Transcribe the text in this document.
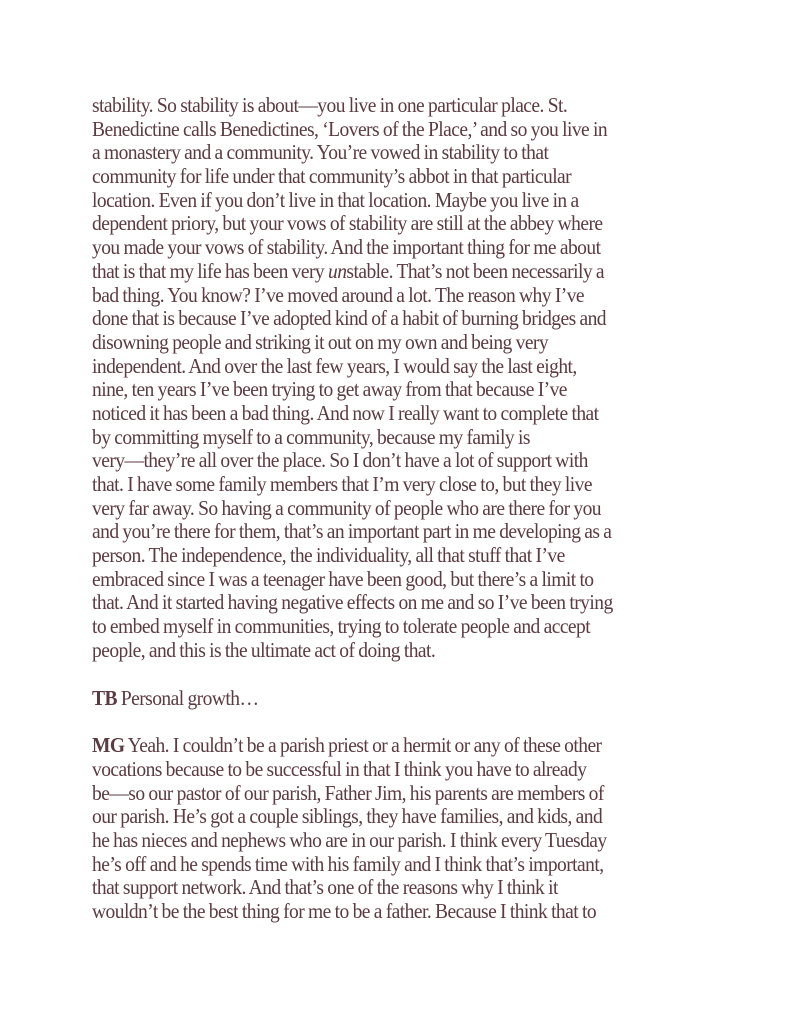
stability. So stability is about—you live in one particular place. St.
Benedictine calls Benedictines, ‘Lovers of the Place,’ and so you live in
a monastery and a community. You’re vowed in stability to that
community for life under that community’s abbot in that particular
location. Even if you don’t live in that location. Maybe you live in a
dependent priory, but your vows of stability are still at the abbey where
you made your vows of stability. And the important thing for me about
that is that my life has been very unstable. That’s not been necessarily a
bad thing. You know? I’ve moved around a lot. The reason why I’ve
done that is because I’ve adopted kind of a habit of burning bridges and
disowning people and striking it out on my own and being very
independent. And over the last few years, I would say the last eight,
nine, ten years I’ve been trying to get away from that because I’ve
noticed it has been a bad thing. And now I really want to complete that
by committing myself to a community, because my family is
very—they’re all over the place. So I don’t have a lot of support with
that. I have some family members that I’m very close to, but they live
very far away. So having a community of people who are there for you
and you’re there for them, that’s an important part in me developing as a
person. The independence, the individuality, all that stuff that I’ve
embraced since I was a teenager have been good, but there’s a limit to
that. And it started having negative effects on me and so I’ve been trying
to embed myself in communities, trying to tolerate people and accept
people, and this is the ultimate act of doing that.
TB Personal growth…
MG Yeah. I couldn’t be a parish priest or a hermit or any of these other
vocations because to be successful in that I think you have to already
be—so our pastor of our parish, Father Jim, his parents are members of
our parish. He’s got a couple siblings, they have families, and kids, and
he has nieces and nephews who are in our parish. I think every Tuesday
he’s off and he spends time with his family and I think that’s important,
that support network. And that’s one of the reasons why I think it
wouldn’t be the best thing for me to be a father. Because I think that to
